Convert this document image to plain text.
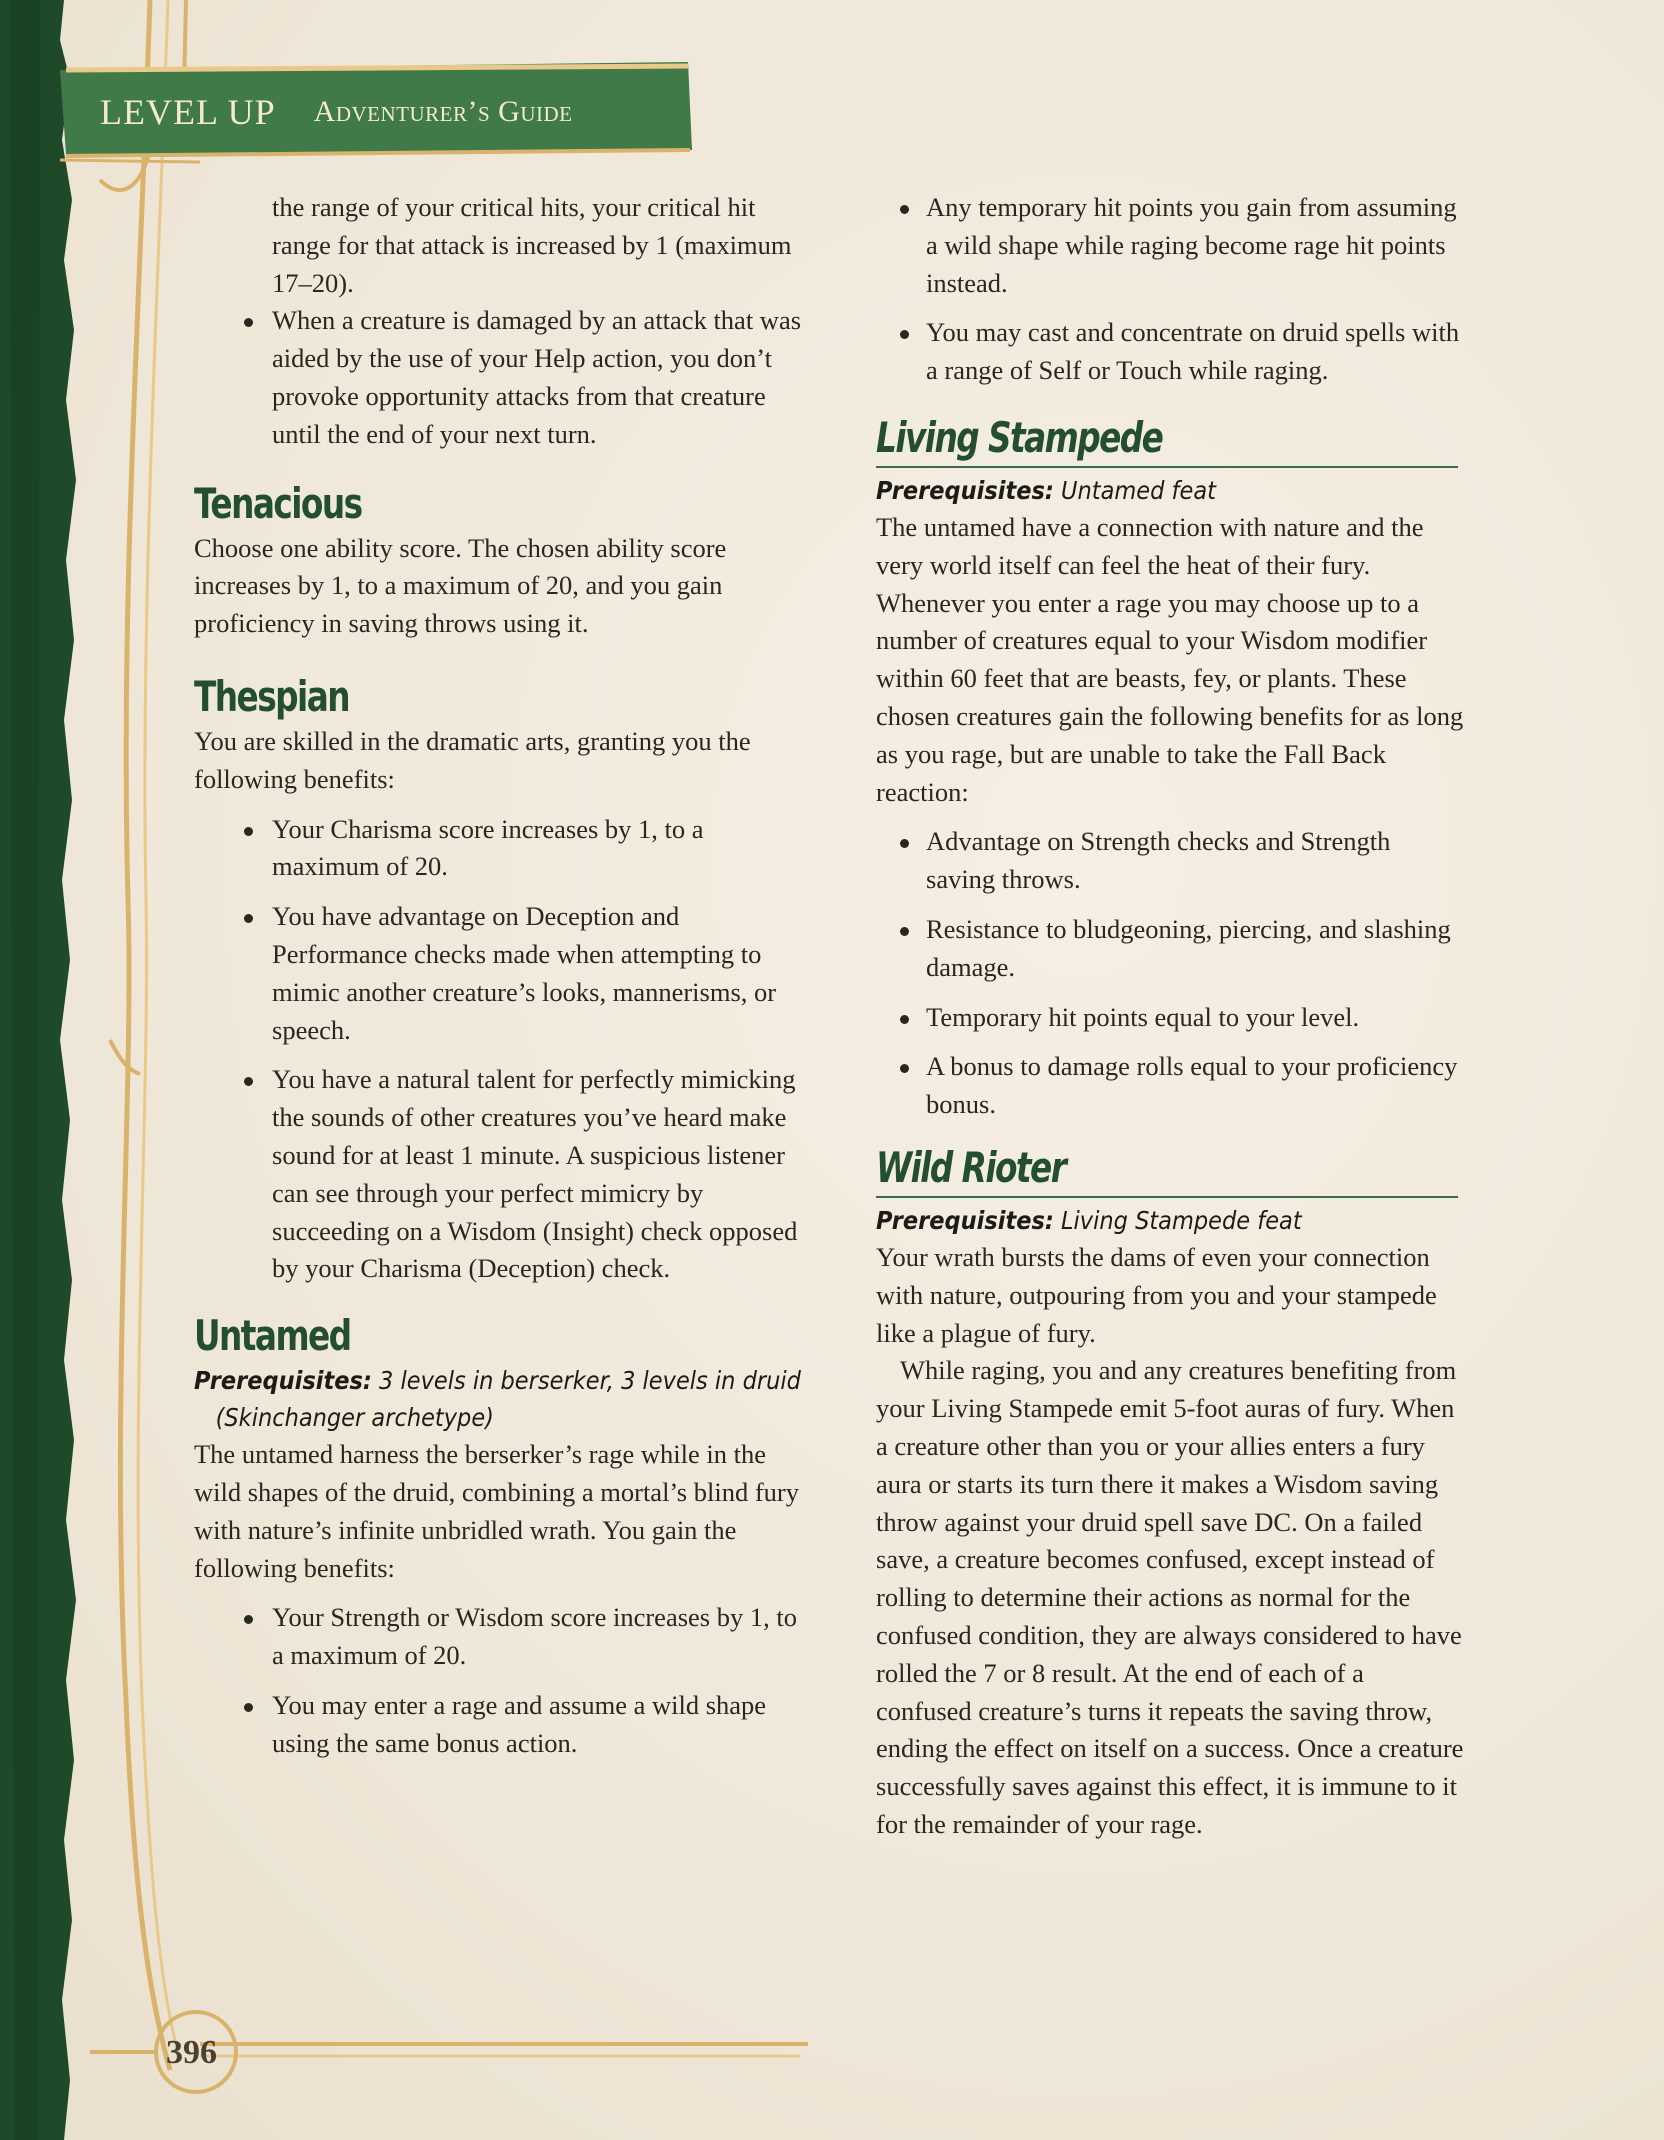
LEVEL UP Adventurer’s Guide

the range of your critical hits, your critical hit range for that attack is increased by 1 (maximum 17–20).

When a creature is damaged by an attack that was aided by the use of your Help action, you don’t provoke opportunity attacks from that creature until the end of your next turn.
Tenacious

Choose one ability score. The chosen ability score increases by 1, to a maximum of 20, and you gain proficiency in saving throws using it.

Thespian

You are skilled in the dramatic arts, granting you the following benefits:

Your Charisma score increases by 1, to a maximum of 20.
You have advantage on Deception and Performance checks made when attempting to mimic another creature’s looks, mannerisms, or speech.
You have a natural talent for perfectly mimicking the sounds of other creatures you’ve heard make sound for at least 1 minute. A suspicious listener can see through your perfect mimicry by succeeding on a Wisdom (Insight) check opposed by your Charisma (Deception) check.
Untamed
Prerequisites: 3 levels in berserker, 3 levels in druid
(Skinchanger archetype)

The untamed harness the berserker’s rage while in the wild shapes of the druid, combining a mortal’s blind fury with nature’s infinite unbridled wrath. You gain the following benefits:

Your Strength or Wisdom score increases by 1, to a maximum of 20.
You may enter a rage and assume a wild shape using the same bonus action.
Any temporary hit points you gain from assuming a wild shape while raging become rage hit points instead.
You may cast and concentrate on druid spells with a range of Self or Touch while raging.
Living Stampede
Prerequisites: Untamed feat

The untamed have a connection with nature and the very world itself can feel the heat of their fury. Whenever you enter a rage you may choose up to a number of creatures equal to your Wisdom modifier within 60 feet that are beasts, fey, or plants. These chosen creatures gain the following benefits for as long as you rage, but are unable to take the Fall Back reaction:

Advantage on Strength checks and Strength saving throws.
Resistance to bludgeoning, piercing, and slashing damage.
Temporary hit points equal to your level.
A bonus to damage rolls equal to your proficiency bonus.
Wild Rioter
Prerequisites: Living Stampede feat

Your wrath bursts the dams of even your connection with nature, outpouring from you and your stampede like a plague of fury.

While raging, you and any creatures benefiting from your Living Stampede emit 5-foot auras of fury. When a creature other than you or your allies enters a fury aura or starts its turn there it makes a Wisdom saving throw against your druid spell save DC. On a failed save, a creature becomes confused, except instead of rolling to determine their actions as normal for the confused condition, they are always considered to have rolled the 7 or 8 result. At the end of each of a confused creature’s turns it repeats the saving throw, ending the effect on itself on a success. Once a creature successfully saves against this effect, it is immune to it for the remainder of your rage.

396
